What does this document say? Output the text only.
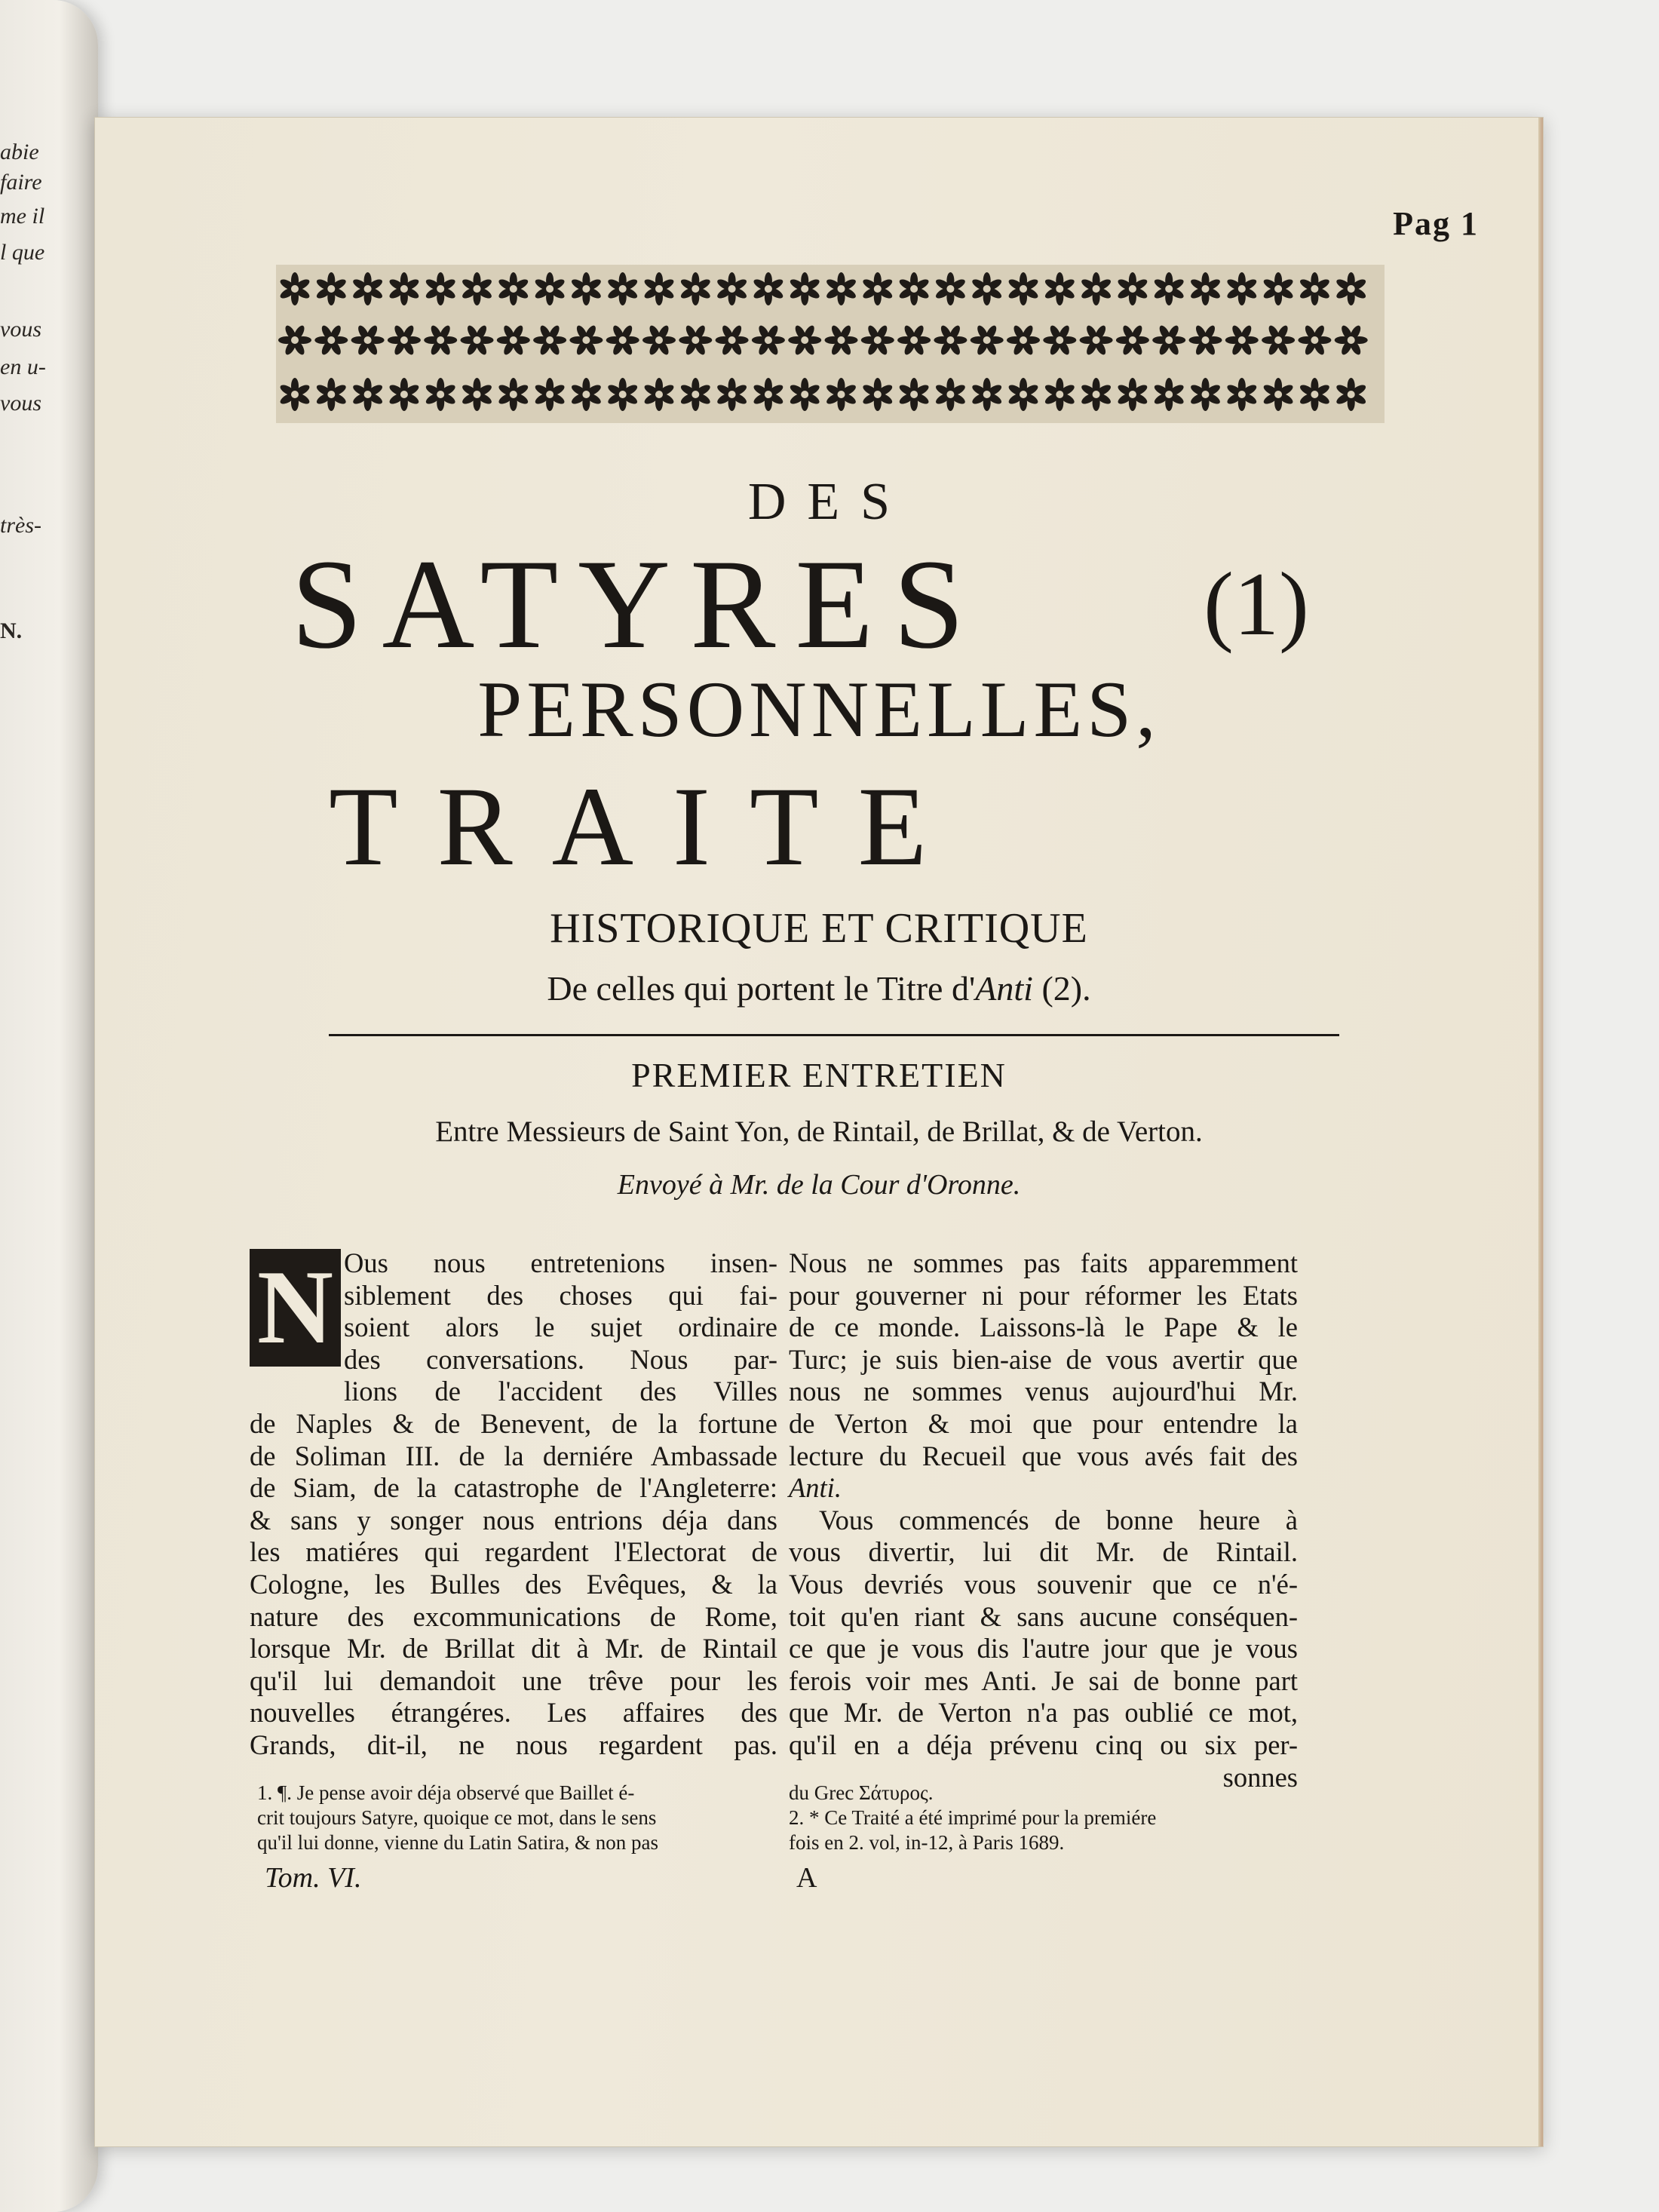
abie
faire
me il
l que
vous
en u-
vous
très-
N.
Pag 1
DES
SATYRES (1)
PERSONNELLES,
TRAITE
HISTORIQUE ET CRITIQUE
De celles qui portent le Titre d'Anti (2).
PREMIER ENTRETIEN
Entre Messieurs de Saint Yon, de Rintail, de Brillat, & de Verton.
Envoyé à Mr. de la Cour d'Oronne.
N Ous nous entretenions insen-
siblement des choses qui fai-
soient alors le sujet ordinaire
des conversations. Nous par-
lions de l'accident des Villes
de Naples & de Benevent, de la fortune
de Soliman III. de la derniére Ambassade
de Siam, de la catastrophe de l'Angleterre:
& sans y songer nous entrions déja dans
les matiéres qui regardent l'Electorat de
Cologne, les Bulles des Evêques, & la
nature des excommunications de Rome,
lorsque Mr. de Brillat dit à Mr. de Rintail
qu'il lui demandoit une trêve pour les
nouvelles étrangéres. Les affaires des
Grands, dit-il, ne nous regardent pas.
Nous ne sommes pas faits apparemment
pour gouverner ni pour réformer les Etats
de ce monde. Laissons-là le Pape & le
Turc; je suis bien-aise de vous avertir que
nous ne sommes venus aujourd'hui Mr.
de Verton & moi que pour entendre la
lecture du Recueil que vous avés fait des
Anti.
Vous commencés de bonne heure à
vous divertir, lui dit Mr. de Rintail.
Vous devriés vous souvenir que ce n'é-
toit qu'en riant & sans aucune conséquen-
ce que je vous dis l'autre jour que je vous
ferois voir mes Anti. Je sai de bonne part
que Mr. de Verton n'a pas oublié ce mot,
qu'il en a déja prévenu cinq ou six per-
sonnes
1. ¶. Je pense avoir déja observé que Baillet é-
crit toujours Satyre, quoique ce mot, dans le sens
qu'il lui donne, vienne du Latin Satira, & non pas
du Grec Σάτυρος.
2. * Ce Traité a été imprimé pour la premiére
fois en 2. vol, in-12, à Paris 1689.
Tom. VI.	A
